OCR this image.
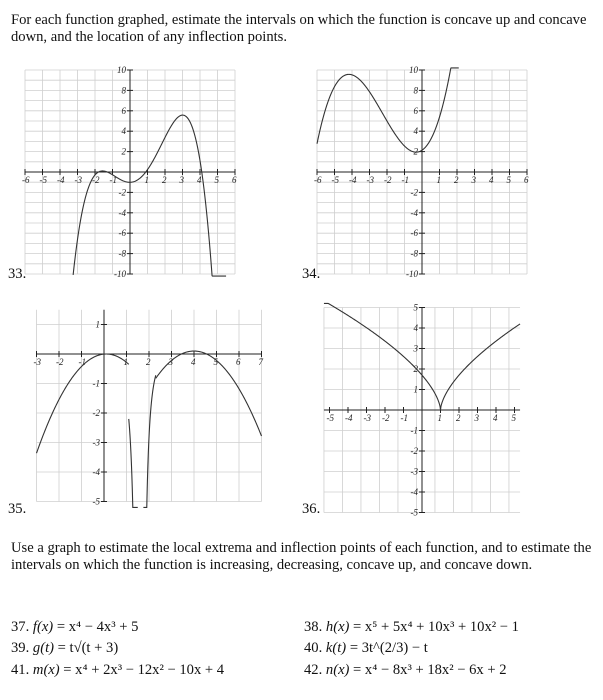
For each function graphed, estimate the intervals on which the function is concave up and concave down, and the location of any inflection points.
-6 -5 -4 -3 -2 -1	1 2 3 4 5 6
10
8
6
4
2
-2
-4
-6
-8
-10
33.
-6 -5 -4 -3 -2 -1	1 2 3 4 5 6
10
8
6
4
2
-2
-4
-6
-8
-10
34.
-3 -2 -1	1 2 3 4 5 6 7
1
-1
-2
-3
-4
-5
35.
-5 -4 -3 -2 -1	1 2 3 4 5
5
4
3
2
1
-1
-2
-3
-4
-5
36.
Use a graph to estimate the local extrema and inflection points of each function, and to estimate the intervals on which the function is increasing, decreasing, concave up, and concave down.
37. f(x) = x⁴ − 4x³ + 5	38. h(x) = x⁵ + 5x⁴ + 10x³ + 10x² − 1
39. g(t) = t√(t + 3)	40. k(t) = 3t^(2/3) − t
41. m(x) = x⁴ + 2x³ − 12x² − 10x + 4	42. n(x) = x⁴ − 8x³ + 18x² − 6x + 2
